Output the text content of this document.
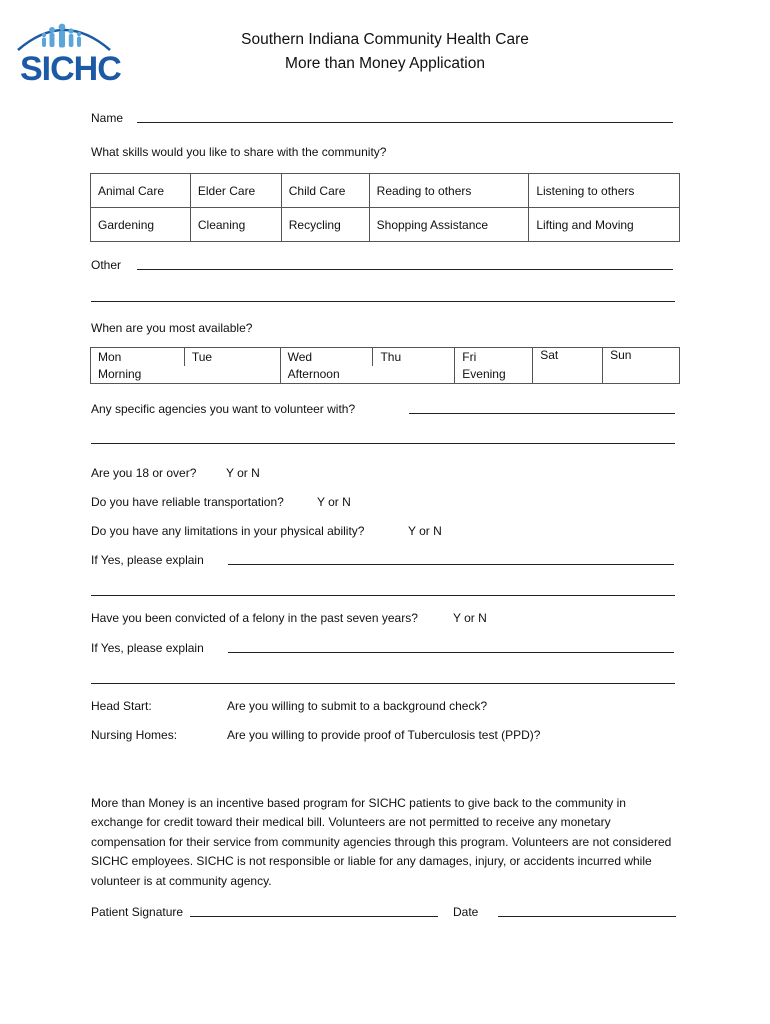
SICHC
Southern Indiana Community Health Care
More than Money Application
Name
What skills would you like to share with the community?
Animal Care	Elder Care	Child Care	Reading to others	Listening to others
Gardening	Cleaning	Recycling	Shopping Assistance	Lifting and Moving
Other
When are you most available?
Mon	Tue	Wed	Thu	Fri	Sat	Sun
Morning		Afternoon		Evening		
Any specific agencies you want to volunteer with?
Are you 18 or over? Y or N
Do you have reliable transportation?	Y or N
Do you have any limitations in your physical ability?	Y or N
If Yes, please explain
Have you been convicted of a felony in the past seven years?	Y or N
If Yes, please explain
Head Start:	Are you willing to submit to a background check?
Nursing Homes:	Are you willing to provide proof of Tuberculosis test (PPD)?
More than Money is an incentive based program for SICHC patients to give back to the community in exchange for credit toward their medical bill. Volunteers are not permitted to receive any monetary compensation for their service from community agencies through this program. Volunteers are not considered SICHC employees. SICHC is not responsible or liable for any damages, injury, or accidents incurred while volunteer is at community agency.
Patient Signature	Date
